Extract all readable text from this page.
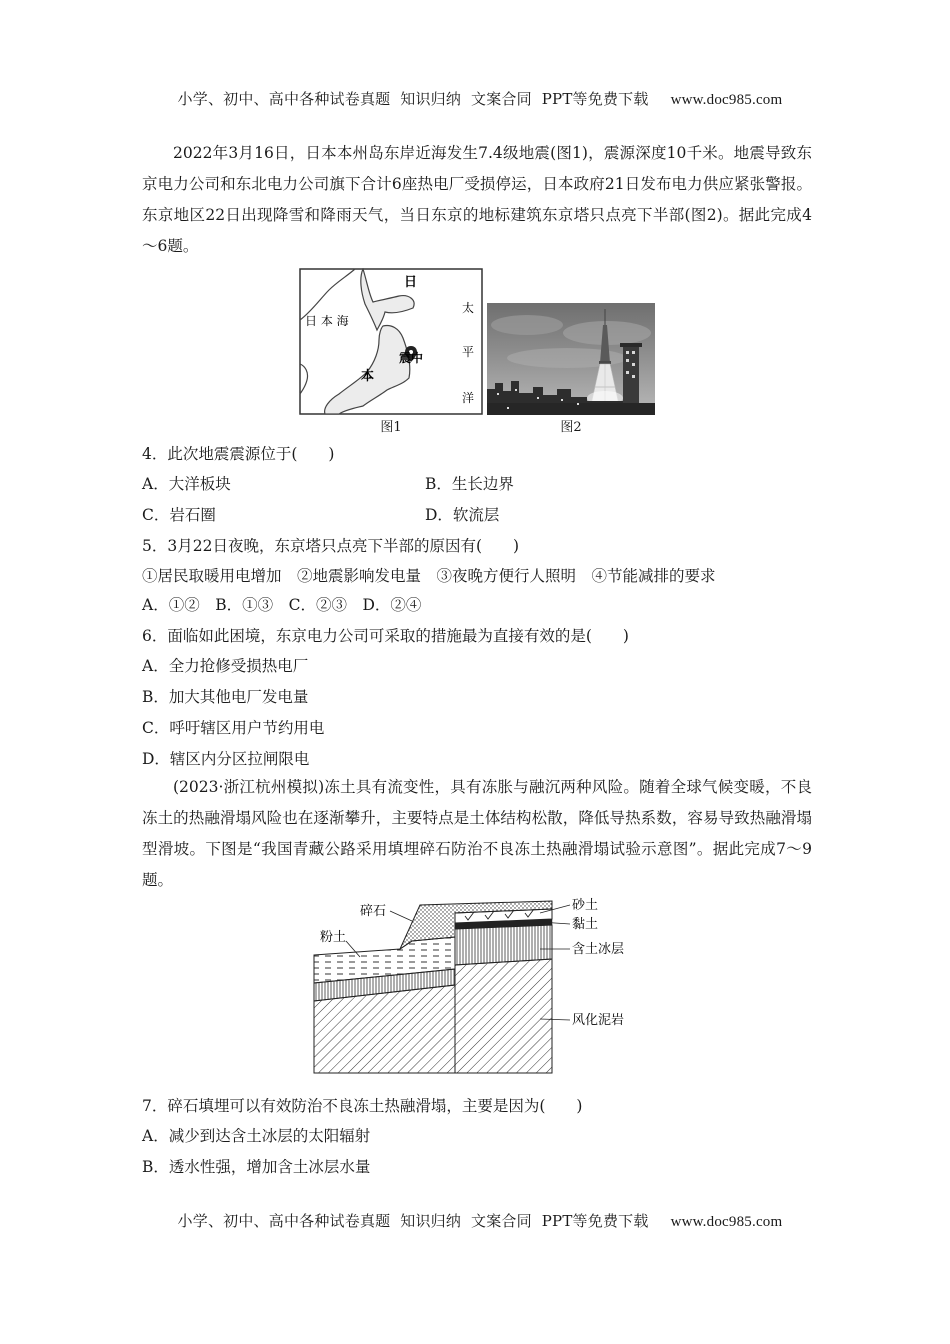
小学、初中、高中各种试卷真题  知识归纳  文案合同  PPT等免费下载 www.doc985.com

2022年3月16日，日本本州岛东岸近海发生7.4级地震(图1)，震源深度10千米。地震导致东京电力公司和东北电力公司旗下合计6座热电厂受损停运，日本政府21日发布电力供应紧张警报。东京地区22日出现降雪和降雨天气，当日东京的地标建筑东京塔只点亮下半部(图2)。据此完成4～6题。
日
日 本 海
本
震中
太
平
洋
图1	图2
4．此次地震震源位于(　　)
A．大洋板块	B．生长边界
C．岩石圈	D．软流层
5．3月22日夜晚，东京塔只点亮下半部的原因有(　　)
①居民取暖用电增加　②地震影响发电量　③夜晚方便行人照明　④节能减排的要求
A．①②　B．①③　C．②③　D．②④
6．面临如此困境，东京电力公司可采取的措施最为直接有效的是(　　)
A．全力抢修受损热电厂
B．加大其他电厂发电量
C．呼吁辖区用户节约用电
D．辖区内分区拉闸限电
(2023·浙江杭州模拟)冻土具有流变性，具有冻胀与融沉两种风险。随着全球气候变暖，不良冻土的热融滑塌风险也在逐渐攀升，主要特点是土体结构松散，降低导热系数，容易导致热融滑塌型滑坡。下图是“我国青藏公路采用填埋碎石防治不良冻土热融滑塌试验示意图”。据此完成7～9题。
碎石
粉土
砂土
黏土
含土冰层
风化泥岩
7．碎石填埋可以有效防治不良冻土热融滑塌，主要是因为(　　)
A．减少到达含土冰层的太阳辐射
B．透水性强，增加含土冰层水量

小学、初中、高中各种试卷真题  知识归纳  文案合同  PPT等免费下载 www.doc985.com
